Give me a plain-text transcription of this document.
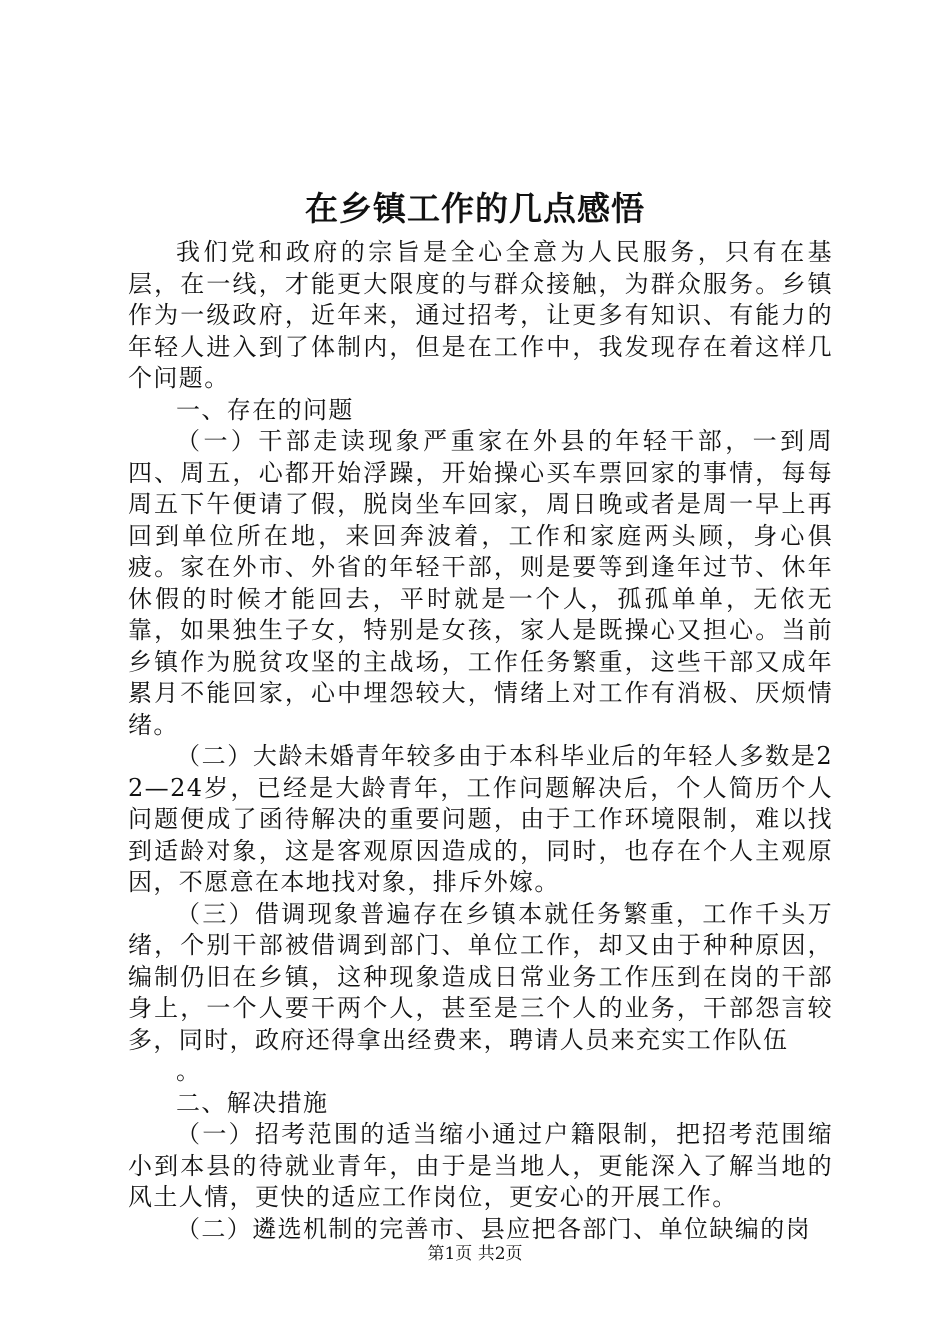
在乡镇工作的几点感悟

我们党和政府的宗旨是全心全意为人民服务，只有在基层，在一线，才能更大限度的与群众接触，为群众服务。乡镇作为一级政府，近年来，通过招考，让更多有知识、有能力的年轻人进入到了体制内，但是在工作中，我发现存在着这样几个问题。

一、存在的问题

（一）干部走读现象严重家在外县的年轻干部，一到周四、周五，心都开始浮躁，开始操心买车票回家的事情，每每周五下午便请了假，脱岗坐车回家，周日晚或者是周一早上再回到单位所在地，来回奔波着，工作和家庭两头顾，身心俱疲。家在外市、外省的年轻干部，则是要等到逢年过节、休年休假的时候才能回去，平时就是一个人，孤孤单单，无依无靠，如果独生子女，特别是女孩，家人是既操心又担心。当前乡镇作为脱贫攻坚的主战场，工作任务繁重，这些干部又成年累月不能回家，心中埋怨较大，情绪上对工作有消极、厌烦情绪。

（二）大龄未婚青年较多由于本科毕业后的年轻人多数是22—24岁，已经是大龄青年，工作问题解决后，个人简历个人问题便成了函待解决的重要问题，由于工作环境限制，难以找到适龄对象，这是客观原因造成的，同时，也存在个人主观原因，不愿意在本地找对象，排斥外嫁。

（三）借调现象普遍存在乡镇本就任务繁重，工作千头万绪，个别干部被借调到部门、单位工作，却又由于种种原因，编制仍旧在乡镇，这种现象造成日常业务工作压到在岗的干部身上，一个人要干两个人，甚至是三个人的业务，干部怨言较多，同时，政府还得拿出经费来，聘请人员来充实工作队伍

。

二、解决措施

（一）招考范围的适当缩小通过户籍限制，把招考范围缩小到本县的待就业青年，由于是当地人，更能深入了解当地的风土人情，更快的适应工作岗位，更安心的开展工作。

（二）遴选机制的完善市、县应把各部门、单位缺编的岗

第1页 共2页
